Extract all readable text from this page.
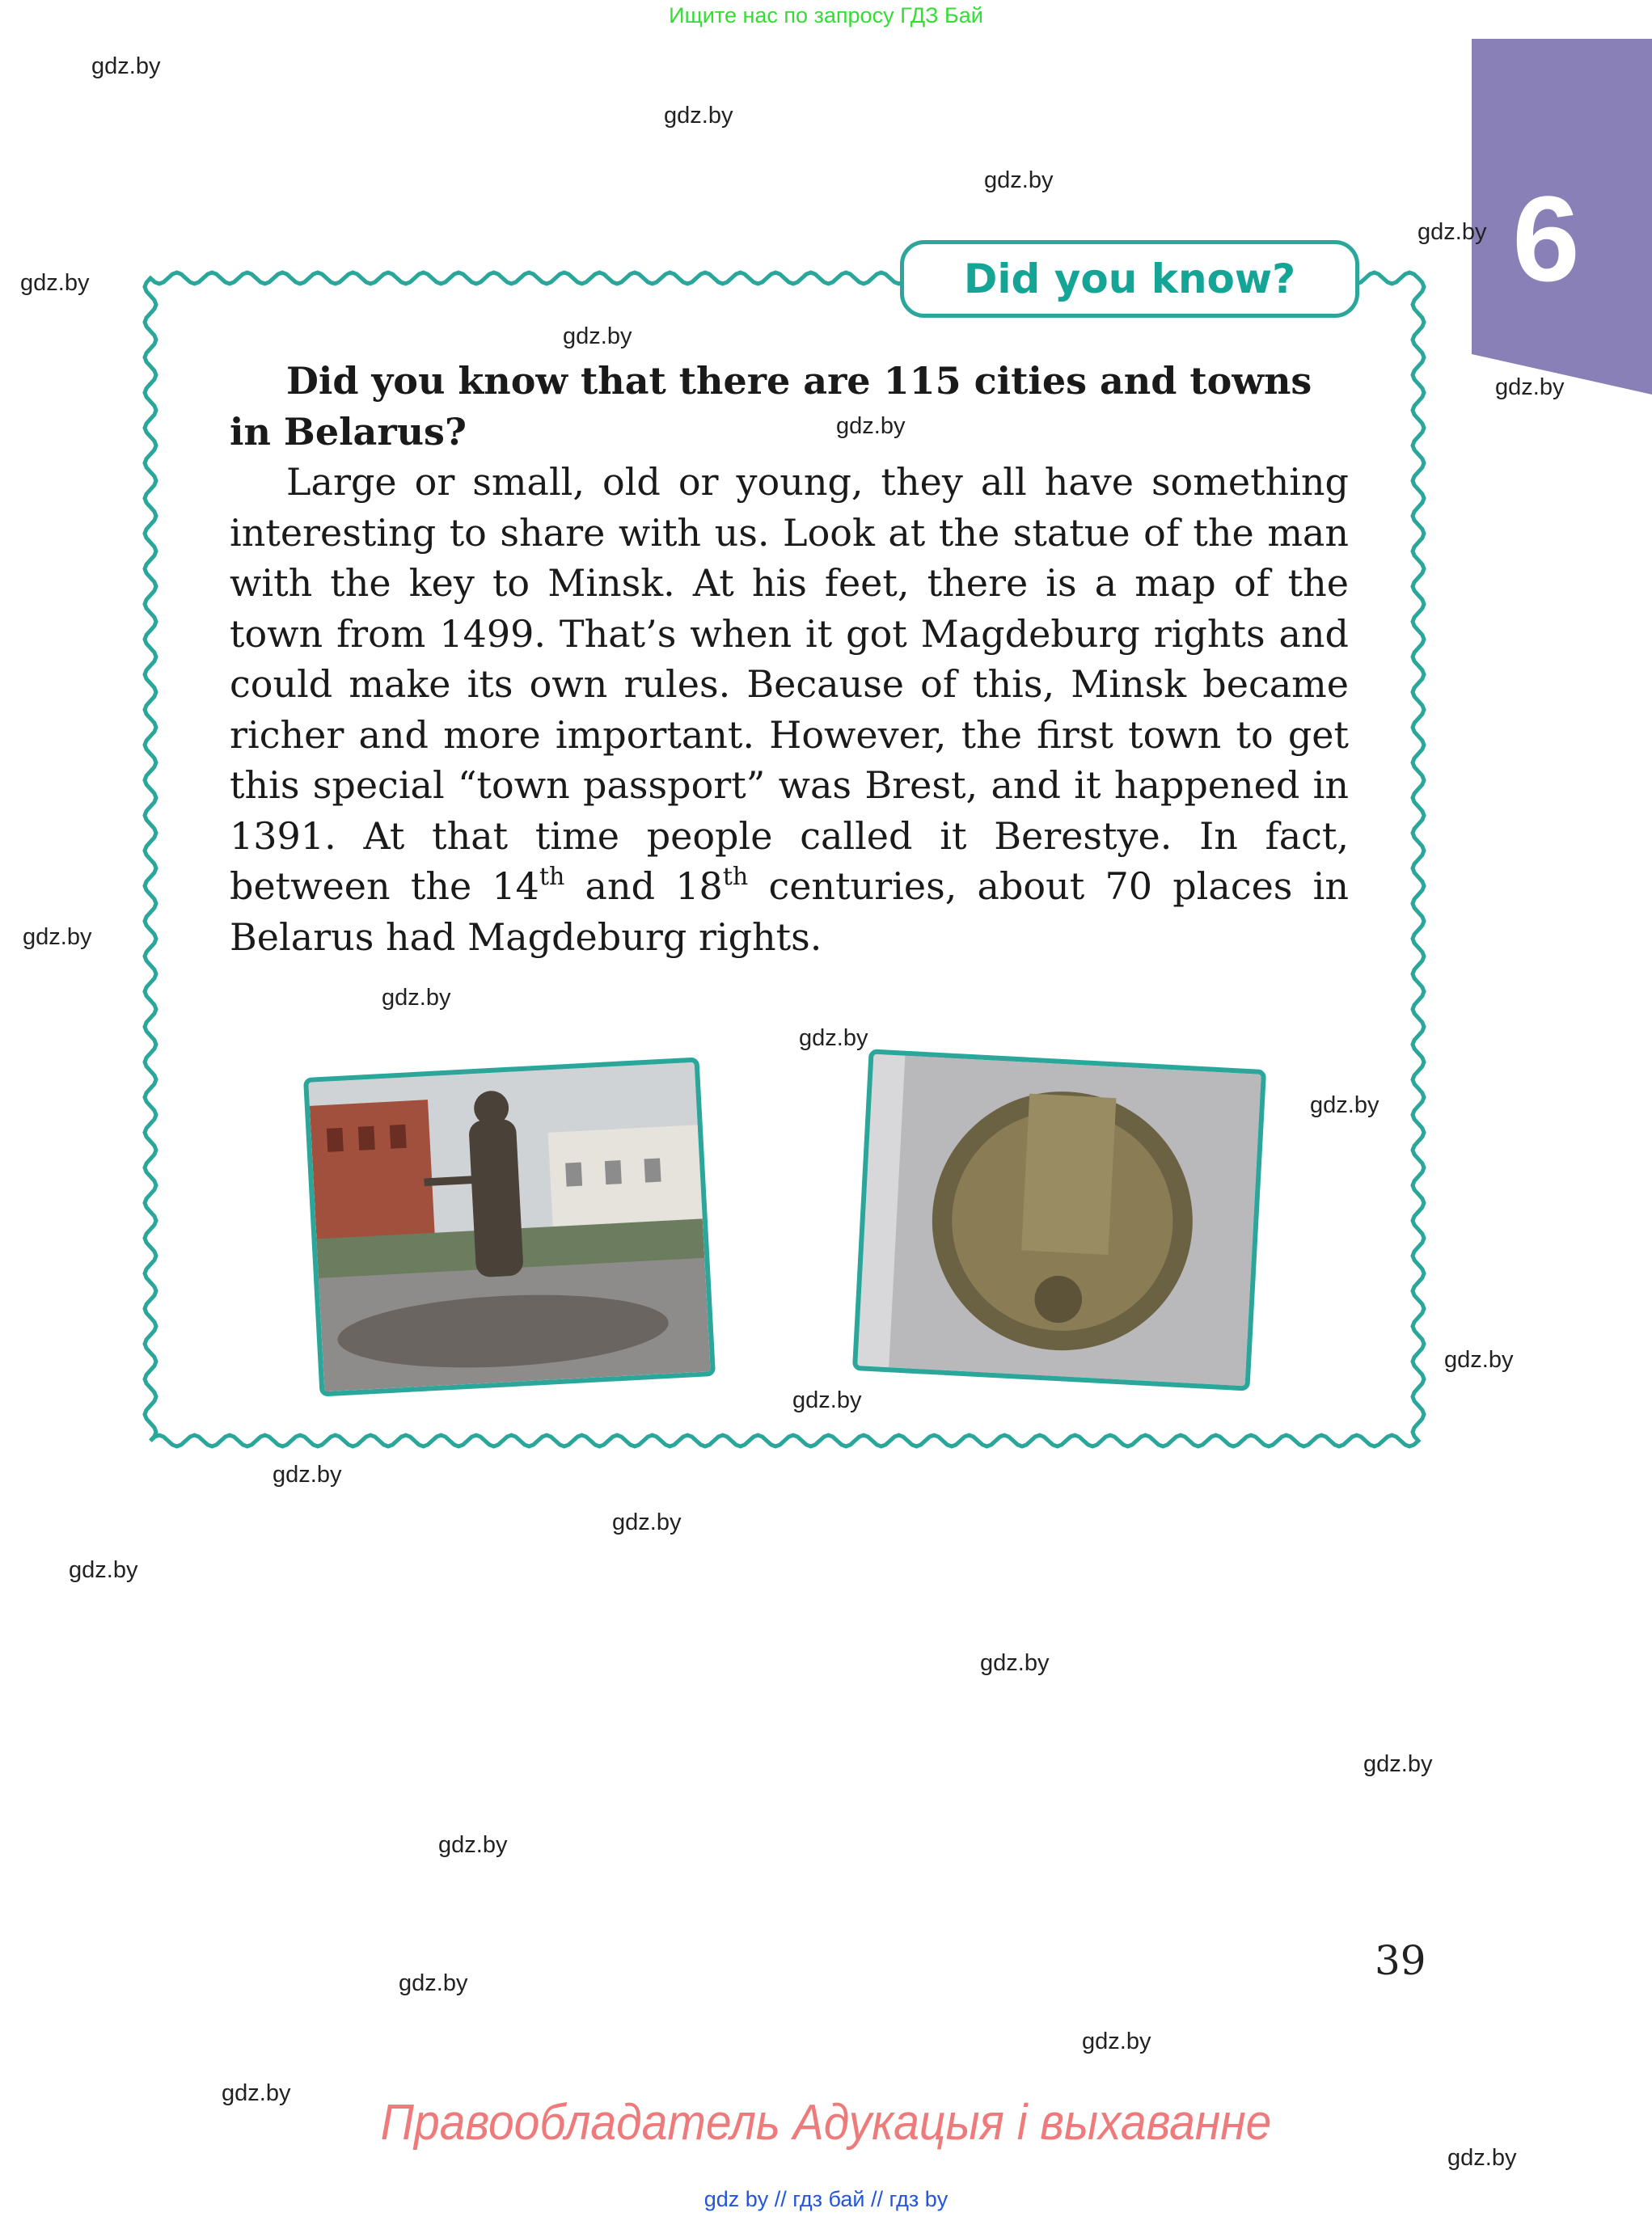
Ищите нас по запросу ГДЗ Бай
6
Did you know?

Did you know that there are 115 cities and towns in Belarus?

Large or small, old or young, they all have something interesting to share with us. Look at the statue of the man with the key to Minsk. At his feet, there is a map of the town from 1499. That’s when it got Magdeburg rights and could make its own rules. Because of this, Minsk became richer and more important. However, the first town to get this special “town passport” was Brest, and it happened in 1391. At that time people called it Berestye. In fact, between the 14th and 18th centuries, about 70 places in Belarus had Magdeburg rights.

gdz.by
gdz.by
gdz.by
gdz.by
gdz.by
gdz.by
gdz.by
gdz.by
gdz.by
gdz.by
gdz.by
gdz.by
gdz.by
gdz.by
gdz.by
gdz.by
gdz.by
gdz.by
gdz.by
gdz.by
gdz.by
gdz.by
gdz.by
gdz.by
39
Правообладатель Адукацыя і выхаванне
gdz by // гдз бай // гдз by
